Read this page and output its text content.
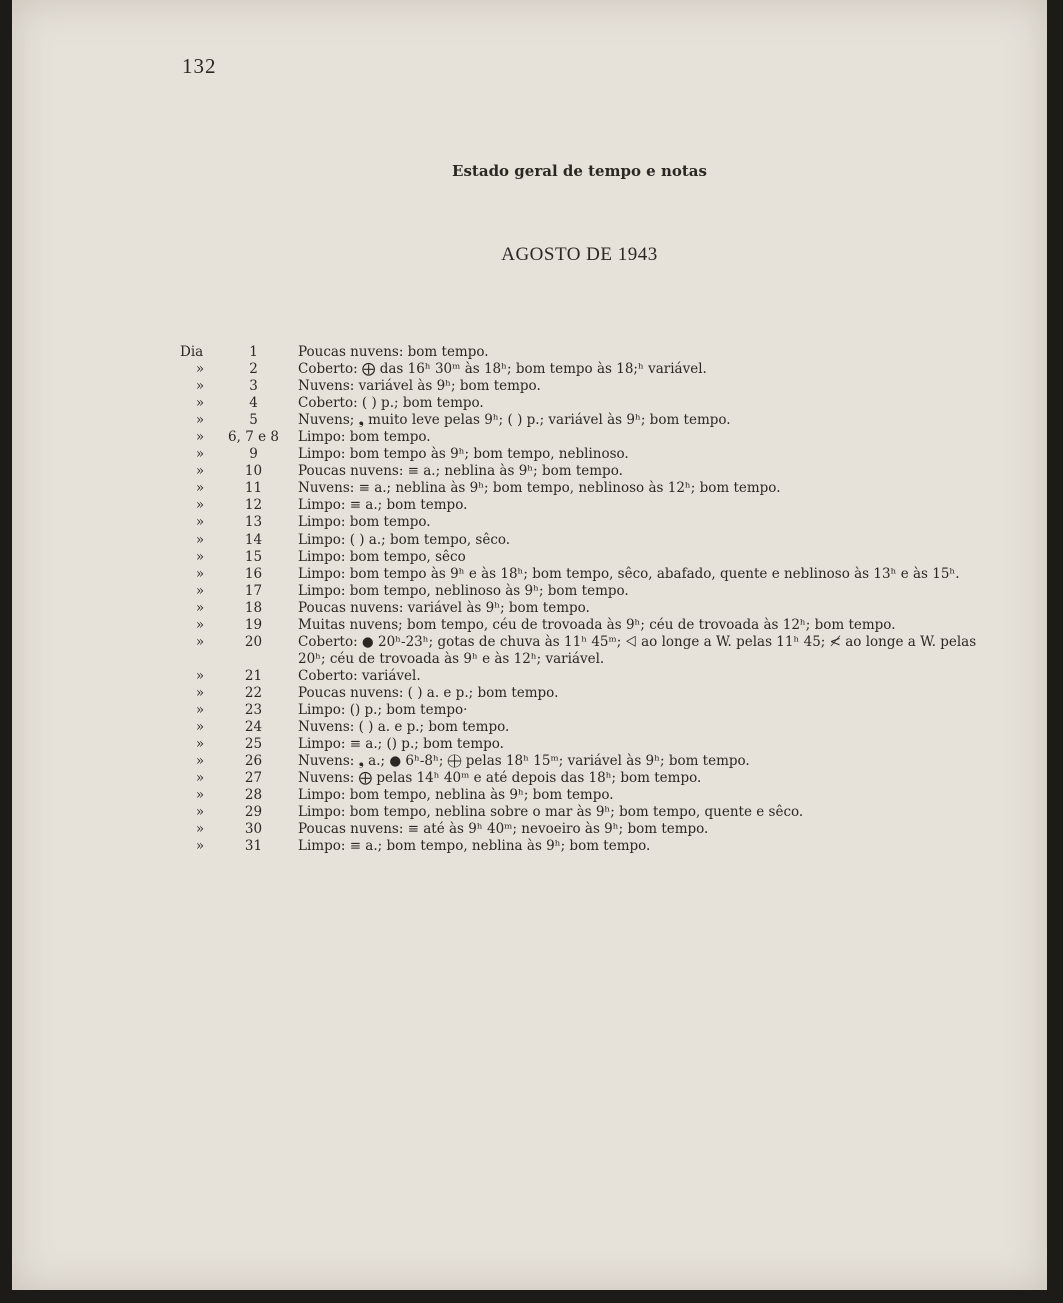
132
Estado geral de tempo e notas
AGOSTO DE 1943
Dia	1	Poucas nuvens: bom tempo.
»	2	Coberto: ⨁ das 16ʰ 30ᵐ às 18ʰ; bom tempo às 18;ʰ variável.
»	3	Nuvens: variável às 9ʰ; bom tempo.
»	4	Coberto: ( ) p.; bom tempo.
»	5	Nuvens; ❟ muito leve pelas 9ʰ; ( ) p.; variável às 9ʰ; bom tempo.
»	6, 7 e 8	Limpo: bom tempo.
»	9	Limpo: bom tempo às 9ʰ; bom tempo, neblinoso.
»	10	Poucas nuvens: ≡ a.; neblina às 9ʰ; bom tempo.
»	11	Nuvens: ≡ a.; neblina às 9ʰ; bom tempo, neblinoso às 12ʰ; bom tempo.
»	12	Limpo: ≡ a.; bom tempo.
»	13	Limpo: bom tempo.
»	14	Limpo: ( ) a.; bom tempo, sêco.
»	15	Limpo: bom tempo, sêco
»	16	Limpo: bom tempo às 9ʰ e às 18ʰ; bom tempo, sêco, abafado, quente e neblinoso às 13ʰ e às 15ʰ.
»	17	Limpo: bom tempo, neblinoso às 9ʰ; bom tempo.
»	18	Poucas nuvens: variável às 9ʰ; bom tempo.
»	19	Muitas nuvens; bom tempo, céu de trovoada às 9ʰ; céu de trovoada às 12ʰ; bom tempo.
»	20	Coberto: ● 20ʰ-23ʰ; gotas de chuva às 11ʰ 45ᵐ; ⨞ ao longe a W. pelas 11ʰ 45; ≮ ao longe a W. pelas 20ʰ; céu de trovoada às 9ʰ e às 12ʰ; variável.
»	21	Coberto: variável.
»	22	Poucas nuvens: ( ) a. e p.; bom tempo.
»	23	Limpo: () p.; bom tempo·
»	24	Nuvens: ( ) a. e p.; bom tempo.
»	25	Limpo: ≡ a.; () p.; bom tempo.
»	26	Nuvens: ❟ a.; ● 6ʰ-8ʰ; ⨁ pelas 18ʰ 15ᵐ; variável às 9ʰ; bom tempo.
»	27	Nuvens: ⨁ pelas 14ʰ 40ᵐ e até depois das 18ʰ; bom tempo.
»	28	Limpo: bom tempo, neblina às 9ʰ; bom tempo.
»	29	Limpo: bom tempo, neblina sobre o mar às 9ʰ; bom tempo, quente e sêco.
»	30	Poucas nuvens: ≡ até às 9ʰ 40ᵐ; nevoeiro às 9ʰ; bom tempo.
»	31	Limpo: ≡ a.; bom tempo, neblina às 9ʰ; bom tempo.
